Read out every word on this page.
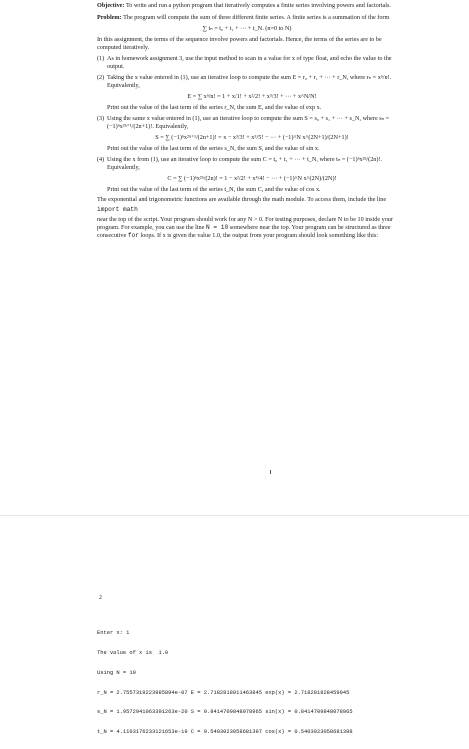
Objective: To write and run a python program that iteratively computes a finite series involving powers and factorials.

Problem: The program will compute the sum of three different finite series. A finite series is a summation of the form

∑ tₙ = t₀ + t₁ + ··· + t_N. (n=0 to N)

In this assignment, the terms of the sequence involve powers and factorials. Hence, the terms of the series are to be computed iteratively.

(1) As in homework assignment 3, use the input method to scan in a value for x of type float, and echo the value to the output.
(2) Taking the x value entered in (1), use an iterative loop to compute the sum E = r₀ + r₁ + ··· + r_N, where rₙ = xⁿ/n!. Equivalently,
E = ∑ xⁿ/n! = 1 + x/1! + x²/2! + x³/3! + ··· + x^N/N!

Print out the value of the last term of the series r_N, the sum E, and the value of exp x.

(3) Using the same x value entered in (1), use an iterative loop to compute the sum S = s₀ + s₁ + ··· + s_N, where sₙ = (−1)ⁿx²ⁿ⁺¹/(2n+1)!. Equivalently,
S = ∑ (−1)ⁿx²ⁿ⁺¹/(2n+1)! = x − x³/3! + x⁵/5! − ··· + (−1)^N x^(2N+1)/(2N+1)!

Print out the value of the last term of the series s_N, the sum S, and the value of sin x.

(4) Using the x from (1), use an iterative loop to compute the sum C = t₀ + t₁ + ··· + t_N, where tₙ = (−1)ⁿx²ⁿ/(2n)!. Equivalently,
C = ∑ (−1)ⁿx²ⁿ/(2n)! = 1 − x²/2! + x⁴/4! − ··· + (−1)^N x^(2N)/(2N)!

Print out the value of the last term of the series t_N, the sum C, and the value of cos x.

The exponential and trigonometric functions are available through the math module. To access them, include the line

import math

near the top of the script. Your program should work for any N > 0. For testing purposes, declare N to be 10 inside your program. For example, you can use the line N = 10 somewhere near the top. Your program can be structured as three consecutive for loops. If x is given the value 1.0, the output from your program should look something like this:

2

Enter x: 1

The value of x is  1.0

Using N = 10

r_N = 2.7557319223985894e-07 E = 2.7182818011463845 exp(x) = 2.718281828459045

s_N = 1.9572941063391263e-20 S = 0.8414709848078965 sin(x) = 0.8414709848078965

t_N = 4.1103176233121653e-19 C = 0.5403023058681397 cos(x) = 0.5403023058681398
